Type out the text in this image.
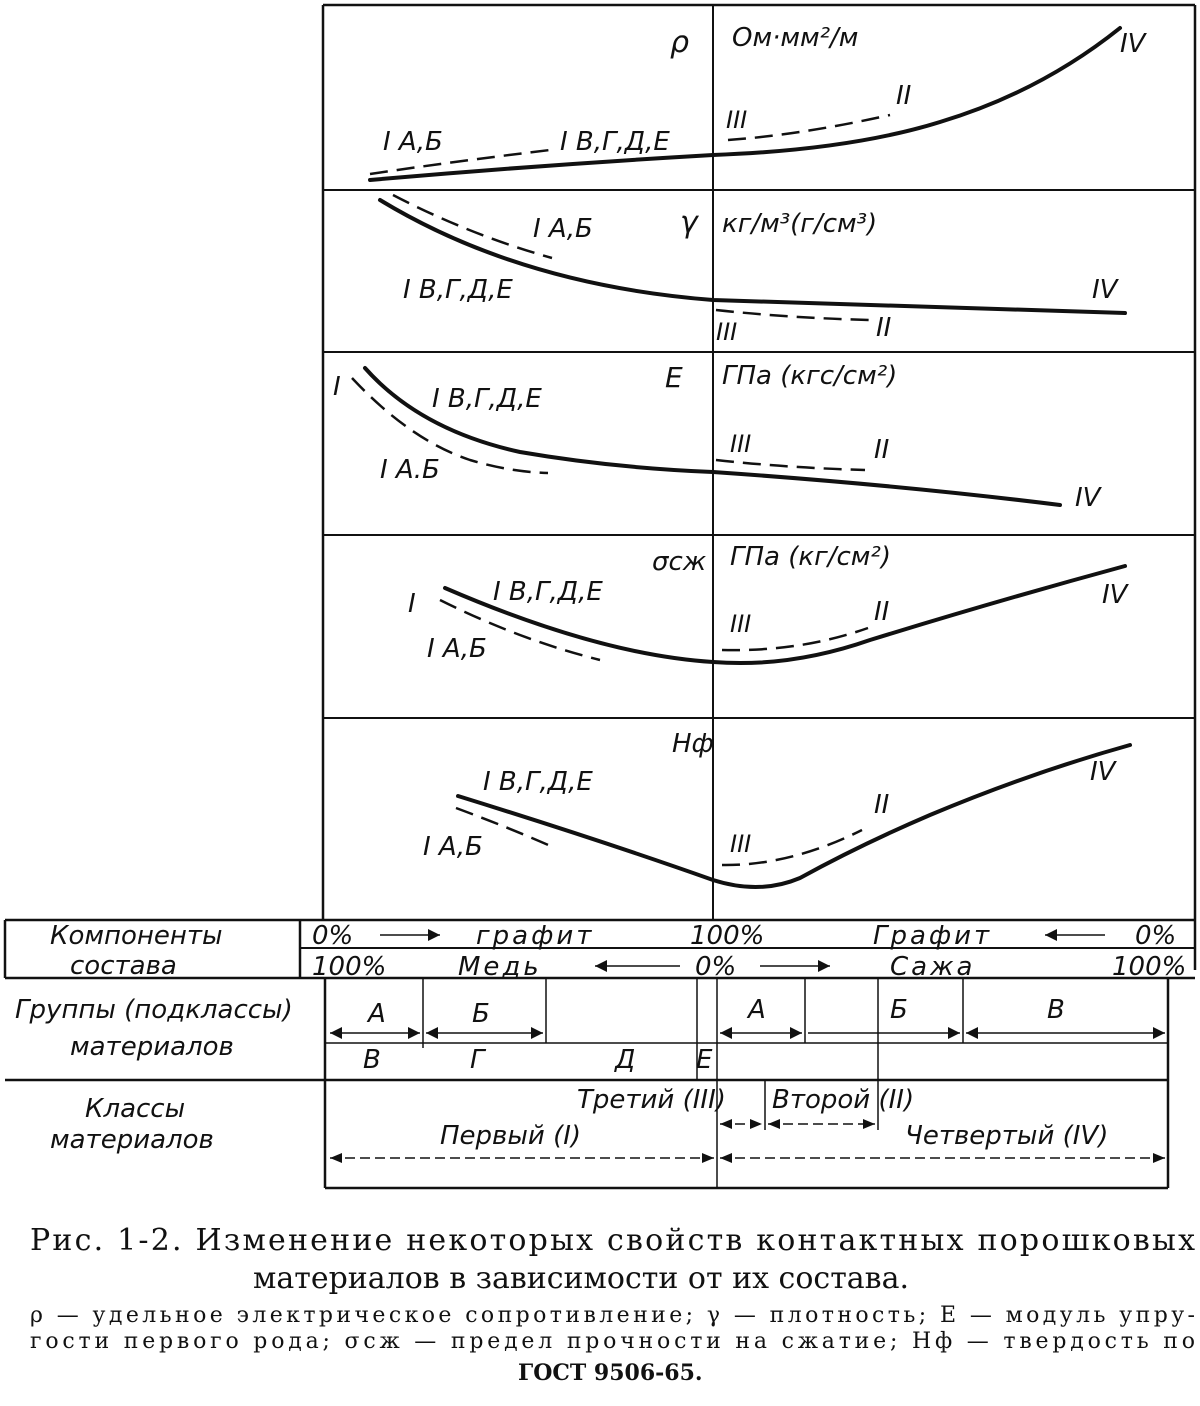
ρ Ом·мм²/м
I А,Б	I В,Г,Д,Е
III
II
IV
γ кг/м³(г/см³)
I А,Б
I В,Г,Д,Е
III	II
IV
E ГПа (кгс/см²)
I	I В,Г,Д,Е
I А.Б
III	II
IV
σсж ГПа (кг/см²)
I	I В,Г,Д,Е
I А,Б
III	II
IV
Hф
I В,Г,Д,Е
I А,Б	III
II
IV
Компоненты
состава
0%	графит	100%	Графит	0%
100%	Медь	0%	Сажа	100%
Группы (подклассы)
материалов
А	Б	А	Б	В
В	Г	Д Е
Классы
материалов
Третий (III) Второй (II)
Первый (I)	Четвертый (IV)
Рис. 1-2. Изменение некоторых свойств контактных порошковых
материалов в зависимости от их состава.
ρ — удельное электрическое сопротивление; γ — плотность; E — модуль упру-
гости первого рода; σсж — предел прочности на сжатие; Hф — твердость по
ГОСТ 9506-65.
